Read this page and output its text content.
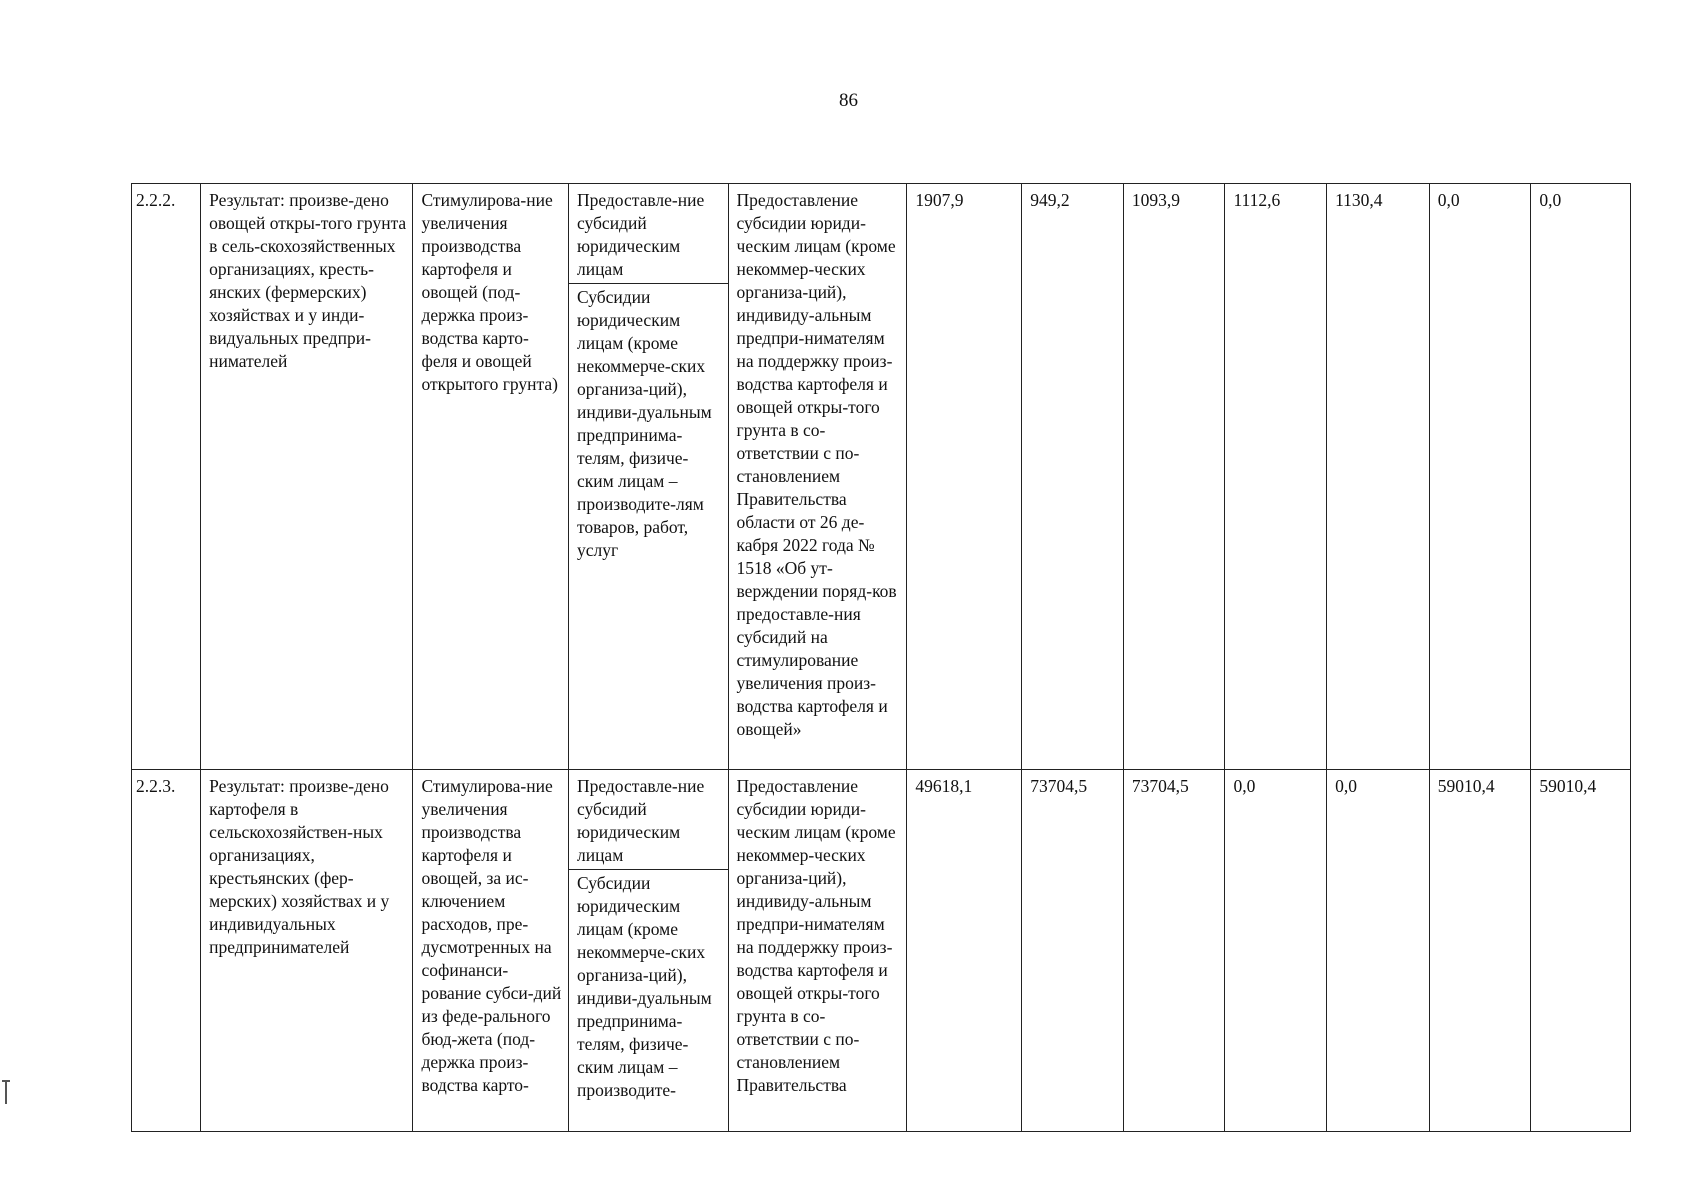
86
2.2.2.	Результат: произве-дено овощей откры-того грунта в сель-скохозяйственных организациях, кресть-янских (фермерских) хозяйствах и у инди-видуальных предпри-нимателей	Стимулирова-ние увеличения производства картофеля и овощей (под-держка произ-водства карто-феля и овощей открытого грунта)	Предоставле-ние субсидий юридическим лицам
Субсидии юридическим лицам (кроме некоммерче-ских организа-ций), индиви-дуальным предпринима-телям, физиче-ским лицам – производите-лям товаров, работ, услуг	Предоставление субсидии юриди-ческим лицам (кроме некоммер-ческих организа-ций), индивиду-альным предпри-нимателям на поддержку произ-водства картофеля и овощей откры-того грунта в со-ответствии с по-становлением Правительства области от 26 де-кабря 2022 года № 1518 «Об ут-верждении поряд-ков предоставле-ния субсидий на стимулирование увеличения произ-водства картофеля и овощей»	1907,9	949,2	1093,9	1112,6	1130,4	0,0	0,0
2.2.3.	Результат: произве-дено картофеля в сельскохозяйствен-ных организациях, крестьянских (фер-мерских) хозяйствах и у индивидуальных предпринимателей	Стимулирова-ние увеличения производства картофеля и овощей, за ис-ключением расходов, пре-дусмотренных на софинанси-рование субси-дий из феде-рального бюд-жета (под-держка произ-водства карто-	Предоставле-ние субсидий юридическим лицам
Субсидии юридическим лицам (кроме некоммерче-ских организа-ций), индиви-дуальным предпринима-телям, физиче-ским лицам – производите-	Предоставление субсидии юриди-ческим лицам (кроме некоммер-ческих организа-ций), индивиду-альным предпри-нимателям на поддержку произ-водства картофеля и овощей откры-того грунта в со-ответствии с по-становлением Правительства	49618,1	73704,5	73704,5	0,0	0,0	59010,4	59010,4
